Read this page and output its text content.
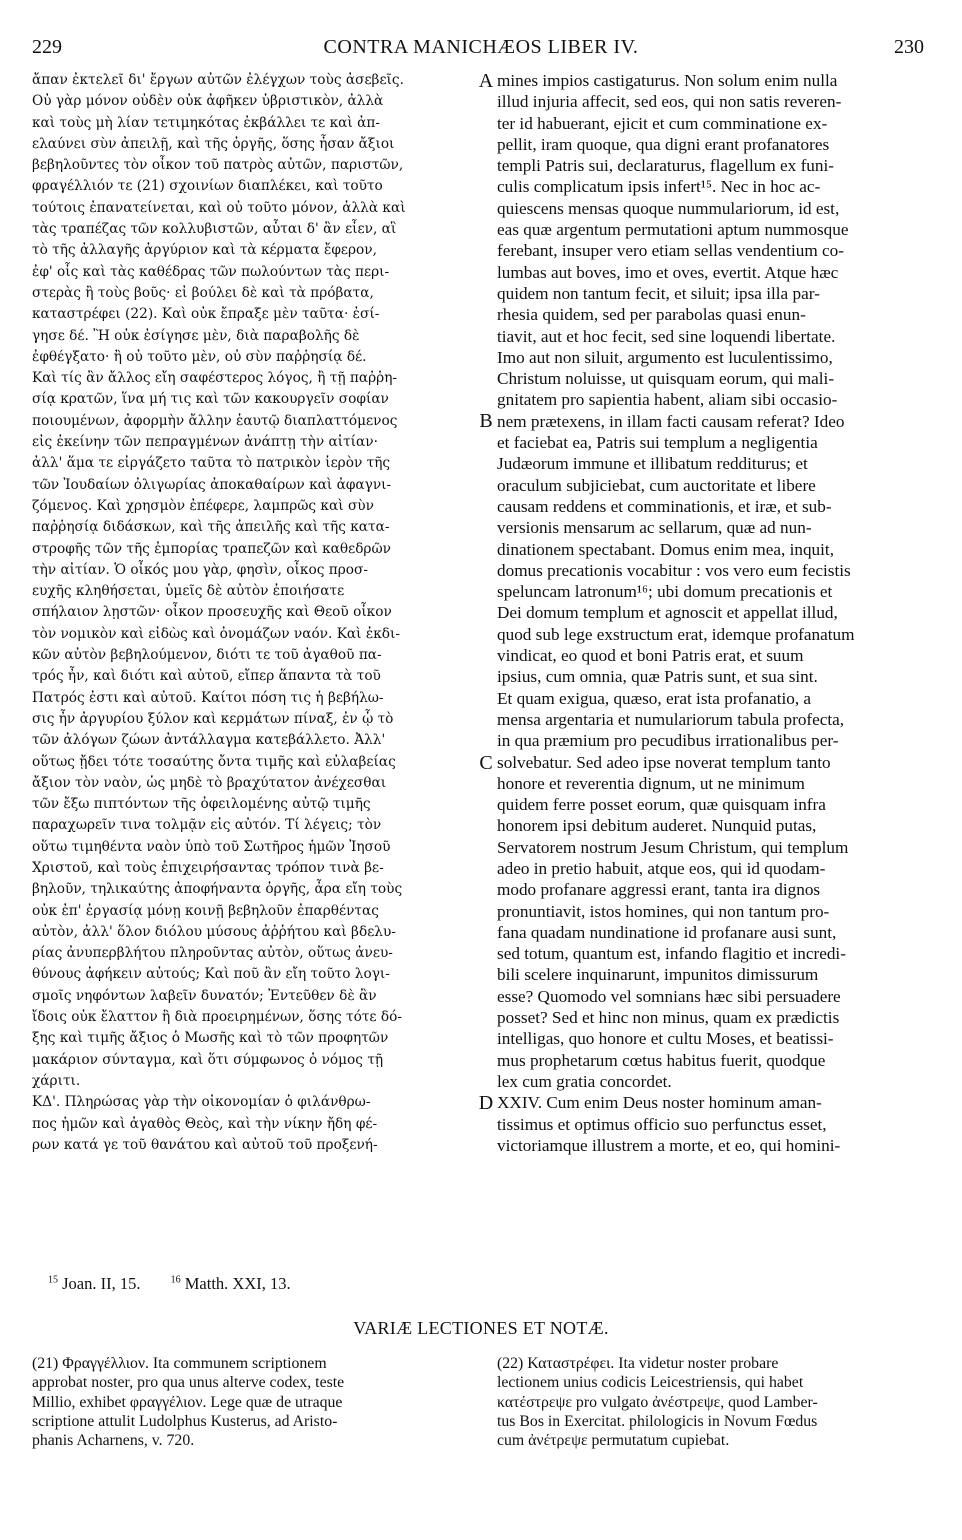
229	CONTRA MANICHÆOS LIBER IV.	230
ἄπαν ἐκτελεῖ δι' ἔργων αὐτῶν ἐλέγχων τοὺς ἀσεβεῖς.
Οὐ γὰρ μόνον οὐδὲν οὐκ ἀφῆκεν ὑβριστικὸν, ἀλλὰ
καὶ τοὺς μὴ λίαν τετιμηκότας ἐκβάλλει τε καὶ ἀπ-
ελαύνει σὺν ἀπειλῇ, καὶ τῆς ὀργῆς, ὅσης ἦσαν ἄξιοι
βεβηλοῦντες τὸν οἶκον τοῦ πατρὸς αὐτῶν, παριστῶν,
φραγέλλιόν τε (21) σχοινίων διαπλέκει, καὶ τοῦτο
τούτοις ἐπανατείνεται, καὶ οὐ τοῦτο μόνον, ἀλλὰ καὶ
τὰς τραπέζας τῶν κολλυβιστῶν, αὗται δ' ἂν εἶεν, αἳ
τὸ τῆς ἀλλαγῆς ἀργύριον καὶ τὰ κέρματα ἔφερον,
ἐφ' οἷς καὶ τὰς καθέδρας τῶν πωλούντων τὰς περι-
στερὰς ἢ τοὺς βοῦς· εἰ βούλει δὲ καὶ τὰ πρόβατα,
καταστρέφει (22). Καὶ οὐκ ἔπραξε μὲν ταῦτα· ἐσί-
γησε δέ. Ἢ οὐκ ἐσίγησε μὲν, διὰ παραβολῆς δὲ
ἐφθέγξατο· ἢ οὐ τοῦτο μὲν, οὐ σὺν παῤῥησίᾳ δέ.
Καὶ τίς ἂν ἄλλος εἴη σαφέστερος λόγος, ἢ τῇ παῤῥη-
σίᾳ κρατῶν, ἵνα μή τις καὶ τῶν κακουργεῖν σοφίαν
ποιουμένων, ἀφορμὴν ἄλλην ἑαυτῷ διαπλαττόμενος
εἰς ἐκείνην τῶν πεπραγμένων ἀνάπτῃ τὴν αἰτίαν·
ἀλλ' ἅμα τε εἰργάζετο ταῦτα τὸ πατρικὸν ἱερὸν τῆς
τῶν Ἰουδαίων ὀλιγωρίας ἀποκαθαίρων καὶ ἀφαγνι-
ζόμενος. Καὶ χρησμὸν ἐπέφερε, λαμπρῶς καὶ σὺν
παῤῥησίᾳ διδάσκων, καὶ τῆς ἀπειλῆς καὶ τῆς κατα-
στροφῆς τῶν τῆς ἐμπορίας τραπεζῶν καὶ καθεδρῶν
τὴν αἰτίαν. Ὁ οἶκός μου γὰρ, φησὶν, οἶκος προσ-
ευχῆς κληθήσεται, ὑμεῖς δὲ αὐτὸν ἐποιήσατε
σπήλαιον λῃστῶν· οἶκον προσευχῆς καὶ Θεοῦ οἶκον
τὸν νομικὸν καὶ εἰδὼς καὶ ὀνομάζων ναόν. Καὶ ἐκδι-
κῶν αὐτὸν βεβηλούμενον, διότι τε τοῦ ἀγαθοῦ πα-
τρός ἦν, καὶ διότι καὶ αὐτοῦ, εἴπερ ἅπαντα τὰ τοῦ
Πατρός ἐστι καὶ αὐτοῦ. Καίτοι πόση τις ἡ βεβήλω-
σις ἦν ἀργυρίου ξύλον καὶ κερμάτων πίναξ, ἐν ᾧ τὸ
τῶν ἀλόγων ζώων ἀντάλλαγμα κατεβάλλετο. Ἀλλ'
οὕτως ᾔδει τότε τοσαύτης ὄντα τιμῆς καὶ εὐλαβείας
ἄξιον τὸν ναὸν, ὡς μηδὲ τὸ βραχύτατον ἀνέχεσθαι
τῶν ἔξω πιπτόντων τῆς ὀφειλομένης αὐτῷ τιμῆς
παραχωρεῖν τινα τολμᾷν εἰς αὐτόν. Τί λέγεις; τὸν
οὕτω τιμηθέντα ναὸν ὑπὸ τοῦ Σωτῆρος ἡμῶν Ἰησοῦ
Χριστοῦ, καὶ τοὺς ἐπιχειρήσαντας τρόπον τινὰ βε-
βηλοῦν, τηλικαύτης ἀποφήναντα ὀργῆς, ἆρα εἴη τοὺς
οὐκ ἐπ' ἐργασίᾳ μόνῃ κοινῇ βεβηλοῦν ἐπαρθέντας
αὐτὸν, ἀλλ' ὅλον διόλου μύσους ἀῤῥήτου καὶ βδελυ-
ρίας ἀνυπερβλήτου πληροῦντας αὐτὸν, οὕτως ἀνευ-
θύνους ἀφήκειν αὐτούς; Καὶ ποῦ ἂν εἴη τοῦτο λογι-
σμοῖς νηφόντων λαβεῖν δυνατόν; Ἐντεῦθεν δὲ ἂν
ἴδοις οὐκ ἔλαττον ἢ διὰ προειρημένων, ὅσης τότε δό-
ξης καὶ τιμῆς ἄξιος ὁ Μωσῆς καὶ τὸ τῶν προφητῶν
μακάριον σύνταγμα, καὶ ὅτι σύμφωνος ὁ νόμος τῇ
χάριτι.
ΚΔ'. Πληρώσας γὰρ τὴν οἰκονομίαν ὁ φιλάνθρω-
πος ἡμῶν καὶ ἀγαθὸς Θεὸς, καὶ τὴν νίκην ἤδη φέ-
ρων κατά γε τοῦ θανάτου καὶ αὐτοῦ τοῦ προξενή-
mines impios castigaturus. Non solum enim nulla
illud injuria affecit, sed eos, qui non satis reveren-
ter id habuerant, ejicit et cum comminatione ex-
pellit, iram quoque, qua digni erant profanatores
templi Patris sui, declaraturus, flagellum ex funi-
culis complicatum ipsis infert¹⁵. Nec in hoc ac-
quiescens mensas quoque nummulariorum, id est,
eas quæ argentum permutationi aptum nummosque
ferebant, insuper vero etiam sellas vendentium co-
lumbas aut boves, imo et oves, evertit. Atque hæc
quidem non tantum fecit, et siluit; ipsa illa par-
rhesia quidem, sed per parabolas quasi enun-
tiavit, aut et hoc fecit, sed sine loquendi libertate.
Imo aut non siluit, argumento est luculentissimo,
Christum noluisse, ut quisquam eorum, qui mali-
gnitatem pro sapientia habent, aliam sibi occasio-
nem prætexens, in illam facti causam referat? Ideo
et faciebat ea, Patris sui templum a negligentia
Judæorum immune et illibatum redditurus; et
oraculum subjiciebat, cum auctoritate et libere
causam reddens et comminationis, et iræ, et sub-
versionis mensarum ac sellarum, quæ ad nun-
dinationem spectabant. Domus enim mea, inquit,
domus precationis vocabitur : vos vero eum fecistis
speluncam latronum¹⁶; ubi domum precationis et
Dei domum templum et agnoscit et appellat illud,
quod sub lege exstructum erat, idemque profanatum
vindicat, eo quod et boni Patris erat, et suum
ipsius, cum omnia, quæ Patris sunt, et sua sint.
Et quam exigua, quæso, erat ista profanatio, a
mensa argentaria et numulariorum tabula profecta,
in qua præmium pro pecudibus irrationalibus per-
solvebatur. Sed adeo ipse noverat templum tanto
honore et reverentia dignum, ut ne minimum
quidem ferre posset eorum, quæ quisquam infra
honorem ipsi debitum auderet. Nunquid putas,
Servatorem nostrum Jesum Christum, qui templum
adeo in pretio habuit, atque eos, qui id quodam-
modo profanare aggressi erant, tanta ira dignos
pronuntiavit, istos homines, qui non tantum pro-
fana quadam nundinatione id profanare ausi sunt,
sed totum, quantum est, infando flagitio et incredi-
bili scelere inquinarunt, impunitos dimissurum
esse? Quomodo vel somnians hæc sibi persuadere
posset? Sed et hinc non minus, quam ex prædictis
intelligas, quo honore et cultu Moses, et beatissi-
mus prophetarum cœtus habitus fuerit, quodque
lex cum gratia concordet.
XXIV. Cum enim Deus noster hominum aman-
tissimus et optimus officio suo perfunctus esset,
victoriamque illustrem a morte, et eo, qui homini-
A
B
C
D
$^{15}$ Joan. II, 15.	$^{16}$ Matth. XXI, 13.
VARIÆ LECTIONES ET NOTÆ.
(21) Φραγγέλλιον. Ita communem scriptionem
approbat noster, pro qua unus alterve codex, teste
Millio, exhibet φραγγέλιον. Lege quæ de utraque
scriptione attulit Ludolphus Kusterus, ad Aristo-
phanis Acharnens, v. 720.
(22) Καταστρέφει. Ita videtur noster probare
lectionem unius codicis Leicestriensis, qui habet
κατέστρεψε pro vulgato ἀνέστρεψε, quod Lamber-
tus Bos in Exercitat. philologicis in Novum Fœdus
cum ἀνέτρεψε permutatum cupiebat.
